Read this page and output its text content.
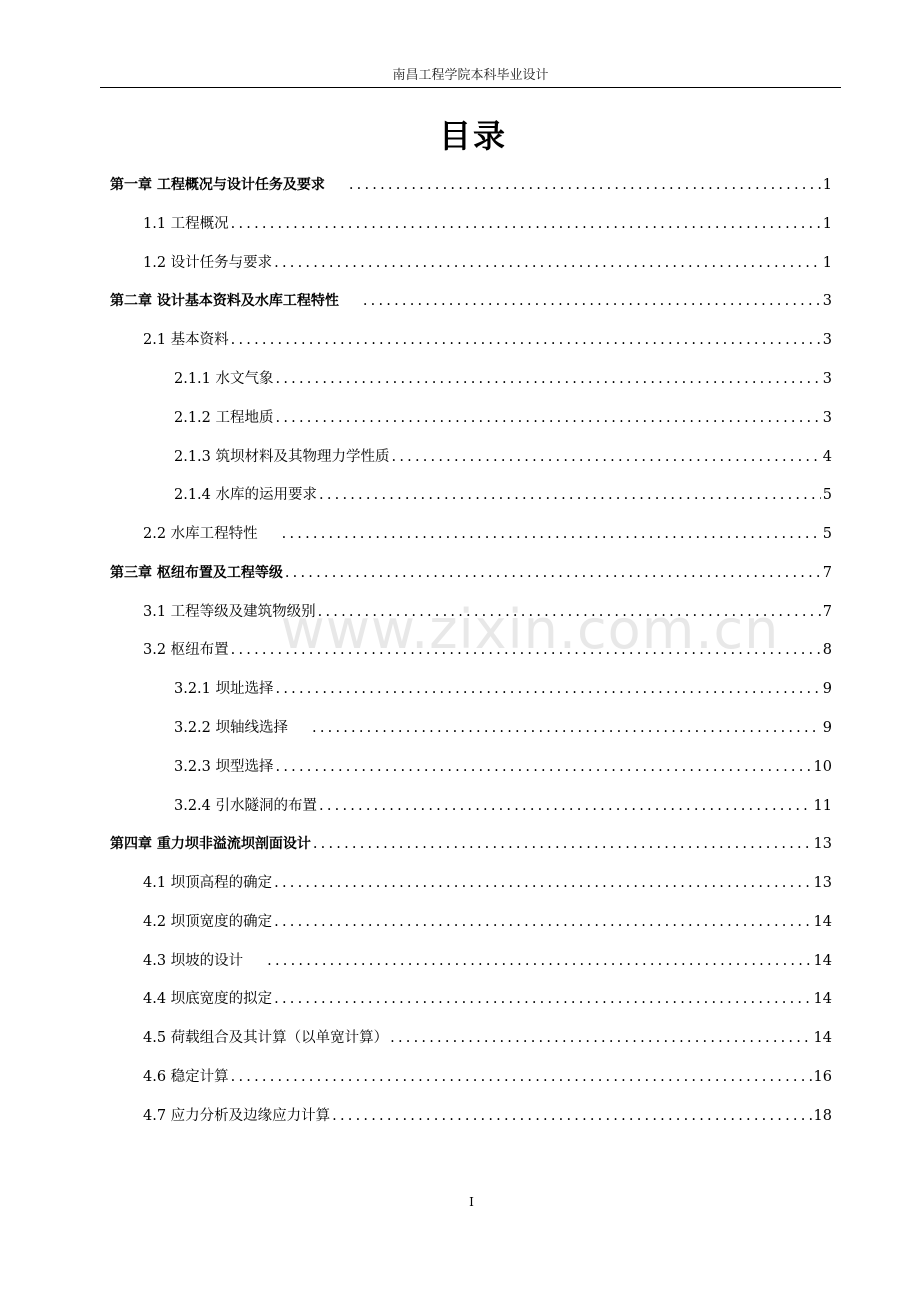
南昌工程学院本科毕业设计
目录
www.zixin.com.cn
第一章 工程概况与设计任务及要求 .....	1
1.1 工程概况 .....	1
1.2 设计任务与要求 .....	1
第二章 设计基本资料及水库工程特性 .....	3
2.1 基本资料 .....	3
2.1.1 水文气象 .....	3
2.1.2 工程地质 .....	3
2.1.3 筑坝材料及其物理力学性质 .....	4
2.1.4 水库的运用要求 .....	5
2.2 水库工程特性 .....	5
第三章 枢纽布置及工程等级 .....	7
3.1 工程等级及建筑物级别 .....	7
3.2 枢纽布置 .....	8
3.2.1 坝址选择 .....	9
3.2.2 坝轴线选择 .....	9
3.2.3 坝型选择 .....	10
3.2.4 引水隧洞的布置 .....	11
第四章 重力坝非溢流坝剖面设计 .....	13
4.1 坝顶高程的确定 .....	13
4.2 坝顶宽度的确定 .....	14
4.3 坝坡的设计 .....	14
4.4 坝底宽度的拟定 .....	14
4.5 荷载组合及其计算（以单宽计算） .....	14
4.6 稳定计算 .....	16
4.7 应力分析及边缘应力计算 .....	18
I
